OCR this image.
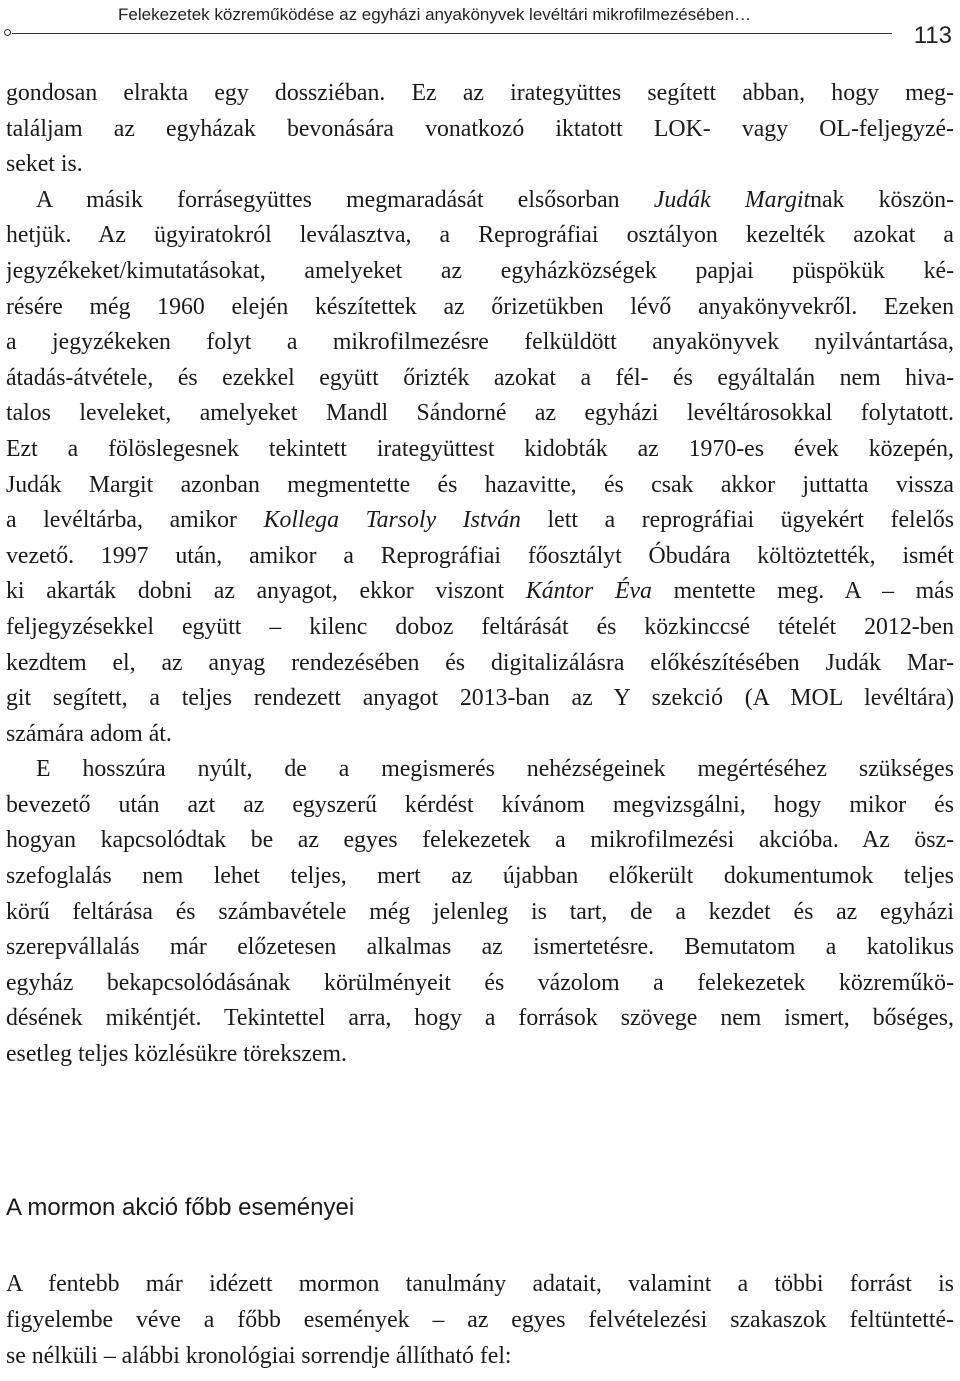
Felekezetek közreműködése az egyházi anyakönyvek levéltári mikrofilmezésében…
113
gondosan elrakta egy dossziéban. Ez az irategyüttes segített abban, hogy meg-
találjam az egyházak bevonására vonatkozó iktatott LOK- vagy OL-feljegyzé-
seket is.
A másik forrásegyüttes megmaradását elsősorban Judák Margitnak köszön-
hetjük. Az ügyiratokról leválasztva, a Reprográfiai osztályon kezelték azokat a
jegyzékeket/kimutatásokat, amelyeket az egyházközségek papjai püspökük ké-
résére még 1960 elején készítettek az őrizetükben lévő anyakönyvekről. Ezeken
a jegyzékeken folyt a mikrofilmezésre felküldött anyakönyvek nyilvántartása,
átadás-átvétele, és ezekkel együtt őrizték azokat a fél- és egyáltalán nem hiva-
talos leveleket, amelyeket Mandl Sándorné az egyházi levéltárosokkal folytatott.
Ezt a fölöslegesnek tekintett irategyüttest kidobták az 1970-es évek közepén,
Judák Margit azonban megmentette és hazavitte, és csak akkor juttatta vissza
a levéltárba, amikor Kollega Tarsoly István lett a reprográfiai ügyekért felelős
vezető. 1997 után, amikor a Reprográfiai főosztályt Óbudára költöztették, ismét
ki akarták dobni az anyagot, ekkor viszont Kántor Éva mentette meg. A – más
feljegyzésekkel együtt – kilenc doboz feltárását és közkinccsé tételét 2012-ben
kezdtem el, az anyag rendezésében és digitalizálásra előkészítésében Judák Mar-
git segített, a teljes rendezett anyagot 2013-ban az Y szekció (A MOL levéltára)
számára adom át.
E hosszúra nyúlt, de a megismerés nehézségeinek megértéséhez szükséges
bevezető után azt az egyszerű kérdést kívánom megvizsgálni, hogy mikor és
hogyan kapcsolódtak be az egyes felekezetek a mikrofilmezési akcióba. Az ösz-
szefoglalás nem lehet teljes, mert az újabban előkerült dokumentumok teljes
körű feltárása és számbavétele még jelenleg is tart, de a kezdet és az egyházi
szerepvállalás már előzetesen alkalmas az ismertetésre. Bemutatom a katolikus
egyház bekapcsolódásának körülményeit és vázolom a felekezetek közreműkö-
désének mikéntjét. Tekintettel arra, hogy a források szövege nem ismert, bőséges,
esetleg teljes közlésükre törekszem.
A mormon akció főbb eseményei
A fentebb már idézett mormon tanulmány adatait, valamint a többi forrást is
figyelembe véve a főbb események – az egyes felvételezési szakaszok feltüntetté-
se nélküli – alábbi kronológiai sorrendje állítható fel:
